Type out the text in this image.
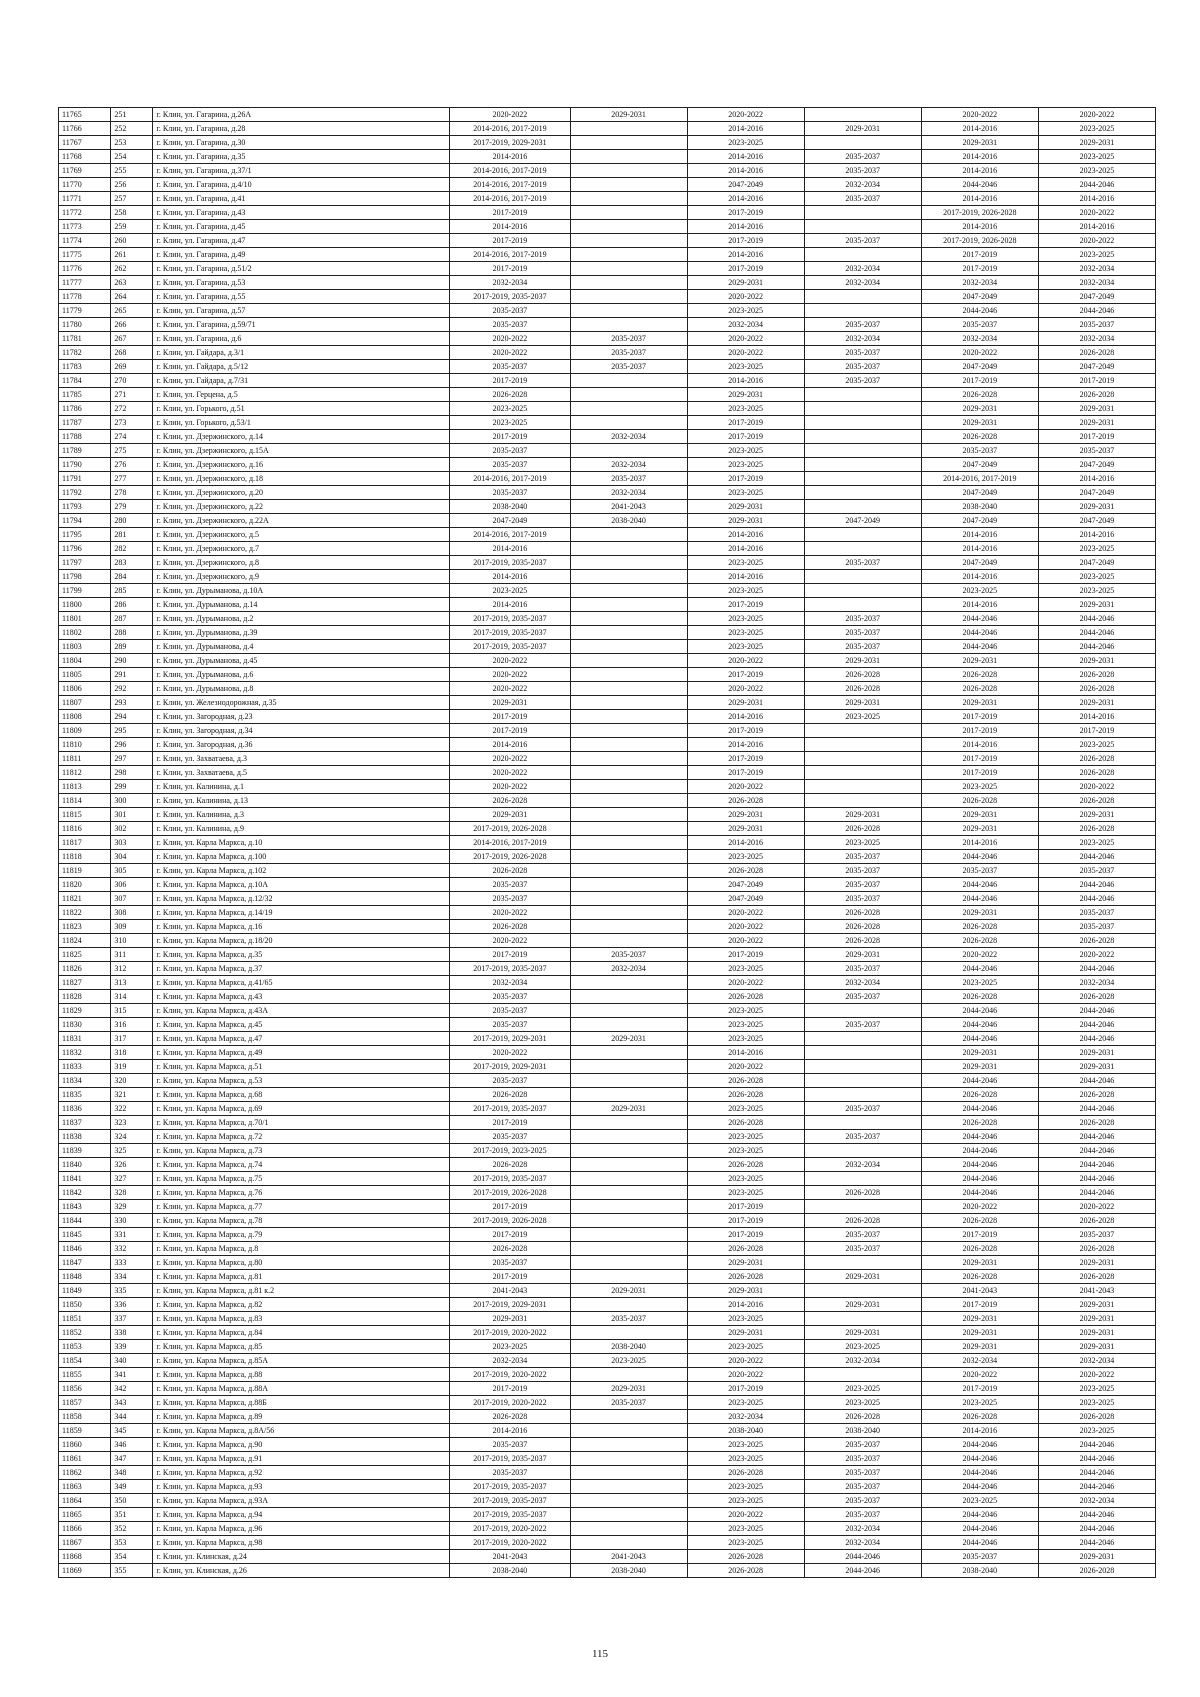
11765	251	г. Клин, ул. Гагарина, д.26А	2020-2022	2029-2031	2020-2022		2020-2022	2020-2022
11766	252	г. Клин, ул. Гагарина, д.28	2014-2016, 2017-2019		2014-2016	2029-2031	2014-2016	2023-2025
11767	253	г. Клин, ул. Гагарина, д.30	2017-2019, 2029-2031		2023-2025		2029-2031	2029-2031
11768	254	г. Клин, ул. Гагарина, д.35	2014-2016		2014-2016	2035-2037	2014-2016	2023-2025
11769	255	г. Клин, ул. Гагарина, д.37/1	2014-2016, 2017-2019		2014-2016	2035-2037	2014-2016	2023-2025
11770	256	г. Клин, ул. Гагарина, д.4/10	2014-2016, 2017-2019		2047-2049	2032-2034	2044-2046	2044-2046
11771	257	г. Клин, ул. Гагарина, д.41	2014-2016, 2017-2019		2014-2016	2035-2037	2014-2016	2014-2016
11772	258	г. Клин, ул. Гагарина, д.43	2017-2019		2017-2019		2017-2019, 2026-2028	2020-2022
11773	259	г. Клин, ул. Гагарина, д.45	2014-2016		2014-2016		2014-2016	2014-2016
11774	260	г. Клин, ул. Гагарина, д.47	2017-2019		2017-2019	2035-2037	2017-2019, 2026-2028	2020-2022
11775	261	г. Клин, ул. Гагарина, д.49	2014-2016, 2017-2019		2014-2016		2017-2019	2023-2025
11776	262	г. Клин, ул. Гагарина, д.51/2	2017-2019		2017-2019	2032-2034	2017-2019	2032-2034
11777	263	г. Клин, ул. Гагарина, д.53	2032-2034		2029-2031	2032-2034	2032-2034	2032-2034
11778	264	г. Клин, ул. Гагарина, д.55	2017-2019, 2035-2037		2020-2022		2047-2049	2047-2049
11779	265	г. Клин, ул. Гагарина, д.57	2035-2037		2023-2025		2044-2046	2044-2046
11780	266	г. Клин, ул. Гагарина, д.59/71	2035-2037		2032-2034	2035-2037	2035-2037	2035-2037
11781	267	г. Клин, ул. Гагарина, д.6	2020-2022	2035-2037	2020-2022	2032-2034	2032-2034	2032-2034
11782	268	г. Клин, ул. Гайдара, д.3/1	2020-2022	2035-2037	2020-2022	2035-2037	2020-2022	2026-2028
11783	269	г. Клин, ул. Гайдара, д.5/12	2035-2037	2035-2037	2023-2025	2035-2037	2047-2049	2047-2049
11784	270	г. Клин, ул. Гайдара, д.7/31	2017-2019		2014-2016	2035-2037	2017-2019	2017-2019
11785	271	г. Клин, ул. Герцена, д.5	2026-2028		2029-2031		2026-2028	2026-2028
11786	272	г. Клин, ул. Горького, д.51	2023-2025		2023-2025		2029-2031	2029-2031
11787	273	г. Клин, ул. Горького, д.53/1	2023-2025		2017-2019		2029-2031	2029-2031
11788	274	г. Клин, ул. Дзержинского, д.14	2017-2019	2032-2034	2017-2019		2026-2028	2017-2019
11789	275	г. Клин, ул. Дзержинского, д.15А	2035-2037		2023-2025		2035-2037	2035-2037
11790	276	г. Клин, ул. Дзержинского, д.16	2035-2037	2032-2034	2023-2025		2047-2049	2047-2049
11791	277	г. Клин, ул. Дзержинского, д.18	2014-2016, 2017-2019	2035-2037	2017-2019		2014-2016, 2017-2019	2014-2016
11792	278	г. Клин, ул. Дзержинского, д.20	2035-2037	2032-2034	2023-2025		2047-2049	2047-2049
11793	279	г. Клин, ул. Дзержинского, д.22	2038-2040	2041-2043	2029-2031		2038-2040	2029-2031
11794	280	г. Клин, ул. Дзержинского, д.22А	2047-2049	2038-2040	2029-2031	2047-2049	2047-2049	2047-2049
11795	281	г. Клин, ул. Дзержинского, д.5	2014-2016, 2017-2019		2014-2016		2014-2016	2014-2016
11796	282	г. Клин, ул. Дзержинского, д.7	2014-2016		2014-2016		2014-2016	2023-2025
11797	283	г. Клин, ул. Дзержинского, д.8	2017-2019, 2035-2037		2023-2025	2035-2037	2047-2049	2047-2049
11798	284	г. Клин, ул. Дзержинского, д.9	2014-2016		2014-2016		2014-2016	2023-2025
11799	285	г. Клин, ул. Дурыманова, д.10А	2023-2025		2023-2025		2023-2025	2023-2025
11800	286	г. Клин, ул. Дурыманова, д.14	2014-2016		2017-2019		2014-2016	2029-2031
11801	287	г. Клин, ул. Дурыманова, д.2	2017-2019, 2035-2037		2023-2025	2035-2037	2044-2046	2044-2046
11802	288	г. Клин, ул. Дурыманова, д.39	2017-2019, 2035-2037		2023-2025	2035-2037	2044-2046	2044-2046
11803	289	г. Клин, ул. Дурыманова, д.4	2017-2019, 2035-2037		2023-2025	2035-2037	2044-2046	2044-2046
11804	290	г. Клин, ул. Дурыманова, д.45	2020-2022		2020-2022	2029-2031	2029-2031	2029-2031
11805	291	г. Клин, ул. Дурыманова, д.6	2020-2022		2017-2019	2026-2028	2026-2028	2026-2028
11806	292	г. Клин, ул. Дурыманова, д.8	2020-2022		2020-2022	2026-2028	2026-2028	2026-2028
11807	293	г. Клин, ул. Железнодорожная, д.35	2029-2031		2029-2031	2029-2031	2029-2031	2029-2031
11808	294	г. Клин, ул. Загородная, д.23	2017-2019		2014-2016	2023-2025	2017-2019	2014-2016
11809	295	г. Клин, ул. Загородная, д.34	2017-2019		2017-2019		2017-2019	2017-2019
11810	296	г. Клин, ул. Загородная, д.36	2014-2016		2014-2016		2014-2016	2023-2025
11811	297	г. Клин, ул. Захватаева, д.3	2020-2022		2017-2019		2017-2019	2026-2028
11812	298	г. Клин, ул. Захватаева, д.5	2020-2022		2017-2019		2017-2019	2026-2028
11813	299	г. Клин, ул. Калинина, д.1	2020-2022		2020-2022		2023-2025	2020-2022
11814	300	г. Клин, ул. Калинина, д.13	2026-2028		2026-2028		2026-2028	2026-2028
11815	301	г. Клин, ул. Калинина, д.3	2029-2031		2029-2031	2029-2031	2029-2031	2029-2031
11816	302	г. Клин, ул. Калинина, д.9	2017-2019, 2026-2028		2029-2031	2026-2028	2029-2031	2026-2028
11817	303	г. Клин, ул. Карла Маркса, д.10	2014-2016, 2017-2019		2014-2016	2023-2025	2014-2016	2023-2025
11818	304	г. Клин, ул. Карла Маркса, д.100	2017-2019, 2026-2028		2023-2025	2035-2037	2044-2046	2044-2046
11819	305	г. Клин, ул. Карла Маркса, д.102	2026-2028		2026-2028	2035-2037	2035-2037	2035-2037
11820	306	г. Клин, ул. Карла Маркса, д.10А	2035-2037		2047-2049	2035-2037	2044-2046	2044-2046
11821	307	г. Клин, ул. Карла Маркса, д.12/32	2035-2037		2047-2049	2035-2037	2044-2046	2044-2046
11822	308	г. Клин, ул. Карла Маркса, д.14/19	2020-2022		2020-2022	2026-2028	2029-2031	2035-2037
11823	309	г. Клин, ул. Карла Маркса, д.16	2026-2028		2020-2022	2026-2028	2026-2028	2035-2037
11824	310	г. Клин, ул. Карла Маркса, д.18/20	2020-2022		2020-2022	2026-2028	2026-2028	2026-2028
11825	311	г. Клин, ул. Карла Маркса, д.35	2017-2019	2035-2037	2017-2019	2029-2031	2020-2022	2020-2022
11826	312	г. Клин, ул. Карла Маркса, д.37	2017-2019, 2035-2037	2032-2034	2023-2025	2035-2037	2044-2046	2044-2046
11827	313	г. Клин, ул. Карла Маркса, д.41/65	2032-2034		2020-2022	2032-2034	2023-2025	2032-2034
11828	314	г. Клин, ул. Карла Маркса, д.43	2035-2037		2026-2028	2035-2037	2026-2028	2026-2028
11829	315	г. Клин, ул. Карла Маркса, д.43А	2035-2037		2023-2025		2044-2046	2044-2046
11830	316	г. Клин, ул. Карла Маркса, д.45	2035-2037		2023-2025	2035-2037	2044-2046	2044-2046
11831	317	г. Клин, ул. Карла Маркса, д.47	2017-2019, 2029-2031	2029-2031	2023-2025		2044-2046	2044-2046
11832	318	г. Клин, ул. Карла Маркса, д.49	2020-2022		2014-2016		2029-2031	2029-2031
11833	319	г. Клин, ул. Карла Маркса, д.51	2017-2019, 2029-2031		2020-2022		2029-2031	2029-2031
11834	320	г. Клин, ул. Карла Маркса, д.53	2035-2037		2026-2028		2044-2046	2044-2046
11835	321	г. Клин, ул. Карла Маркса, д.68	2026-2028		2026-2028		2026-2028	2026-2028
11836	322	г. Клин, ул. Карла Маркса, д.69	2017-2019, 2035-2037	2029-2031	2023-2025	2035-2037	2044-2046	2044-2046
11837	323	г. Клин, ул. Карла Маркса, д.70/1	2017-2019		2026-2028		2026-2028	2026-2028
11838	324	г. Клин, ул. Карла Маркса, д.72	2035-2037		2023-2025	2035-2037	2044-2046	2044-2046
11839	325	г. Клин, ул. Карла Маркса, д.73	2017-2019, 2023-2025		2023-2025		2044-2046	2044-2046
11840	326	г. Клин, ул. Карла Маркса, д.74	2026-2028		2026-2028	2032-2034	2044-2046	2044-2046
11841	327	г. Клин, ул. Карла Маркса, д.75	2017-2019, 2035-2037		2023-2025		2044-2046	2044-2046
11842	328	г. Клин, ул. Карла Маркса, д.76	2017-2019, 2026-2028		2023-2025	2026-2028	2044-2046	2044-2046
11843	329	г. Клин, ул. Карла Маркса, д.77	2017-2019		2017-2019		2020-2022	2020-2022
11844	330	г. Клин, ул. Карла Маркса, д.78	2017-2019, 2026-2028		2017-2019	2026-2028	2026-2028	2026-2028
11845	331	г. Клин, ул. Карла Маркса, д.79	2017-2019		2017-2019	2035-2037	2017-2019	2035-2037
11846	332	г. Клин, ул. Карла Маркса, д.8	2026-2028		2026-2028	2035-2037	2026-2028	2026-2028
11847	333	г. Клин, ул. Карла Маркса, д.80	2035-2037		2029-2031		2029-2031	2029-2031
11848	334	г. Клин, ул. Карла Маркса, д.81	2017-2019		2026-2028	2029-2031	2026-2028	2026-2028
11849	335	г. Клин, ул. Карла Маркса, д.81 к.2	2041-2043	2029-2031	2029-2031		2041-2043	2041-2043
11850	336	г. Клин, ул. Карла Маркса, д.82	2017-2019, 2029-2031		2014-2016	2029-2031	2017-2019	2029-2031
11851	337	г. Клин, ул. Карла Маркса, д.83	2029-2031	2035-2037	2023-2025		2029-2031	2029-2031
11852	338	г. Клин, ул. Карла Маркса, д.84	2017-2019, 2020-2022		2029-2031	2029-2031	2029-2031	2029-2031
11853	339	г. Клин, ул. Карла Маркса, д.85	2023-2025	2038-2040	2023-2025	2023-2025	2029-2031	2029-2031
11854	340	г. Клин, ул. Карла Маркса, д.85А	2032-2034	2023-2025	2020-2022	2032-2034	2032-2034	2032-2034
11855	341	г. Клин, ул. Карла Маркса, д.88	2017-2019, 2020-2022		2020-2022		2020-2022	2020-2022
11856	342	г. Клин, ул. Карла Маркса, д.88А	2017-2019	2029-2031	2017-2019	2023-2025	2017-2019	2023-2025
11857	343	г. Клин, ул. Карла Маркса, д.88Б	2017-2019, 2020-2022	2035-2037	2023-2025	2023-2025	2023-2025	2023-2025
11858	344	г. Клин, ул. Карла Маркса, д.89	2026-2028		2032-2034	2026-2028	2026-2028	2026-2028
11859	345	г. Клин, ул. Карла Маркса, д.8А/56	2014-2016		2038-2040	2038-2040	2014-2016	2023-2025
11860	346	г. Клин, ул. Карла Маркса, д.90	2035-2037		2023-2025	2035-2037	2044-2046	2044-2046
11861	347	г. Клин, ул. Карла Маркса, д.91	2017-2019, 2035-2037		2023-2025	2035-2037	2044-2046	2044-2046
11862	348	г. Клин, ул. Карла Маркса, д.92	2035-2037		2026-2028	2035-2037	2044-2046	2044-2046
11863	349	г. Клин, ул. Карла Маркса, д.93	2017-2019, 2035-2037		2023-2025	2035-2037	2044-2046	2044-2046
11864	350	г. Клин, ул. Карла Маркса, д.93А	2017-2019, 2035-2037		2023-2025	2035-2037	2023-2025	2032-2034
11865	351	г. Клин, ул. Карла Маркса, д.94	2017-2019, 2035-2037		2020-2022	2035-2037	2044-2046	2044-2046
11866	352	г. Клин, ул. Карла Маркса, д.96	2017-2019, 2020-2022		2023-2025	2032-2034	2044-2046	2044-2046
11867	353	г. Клин, ул. Карла Маркса, д.98	2017-2019, 2020-2022		2023-2025	2032-2034	2044-2046	2044-2046
11868	354	г. Клин, ул. Клинская, д.24	2041-2043	2041-2043	2026-2028	2044-2046	2035-2037	2029-2031
11869	355	г. Клин, ул. Клинская, д.26	2038-2040	2038-2040	2026-2028	2044-2046	2038-2040	2026-2028
115
